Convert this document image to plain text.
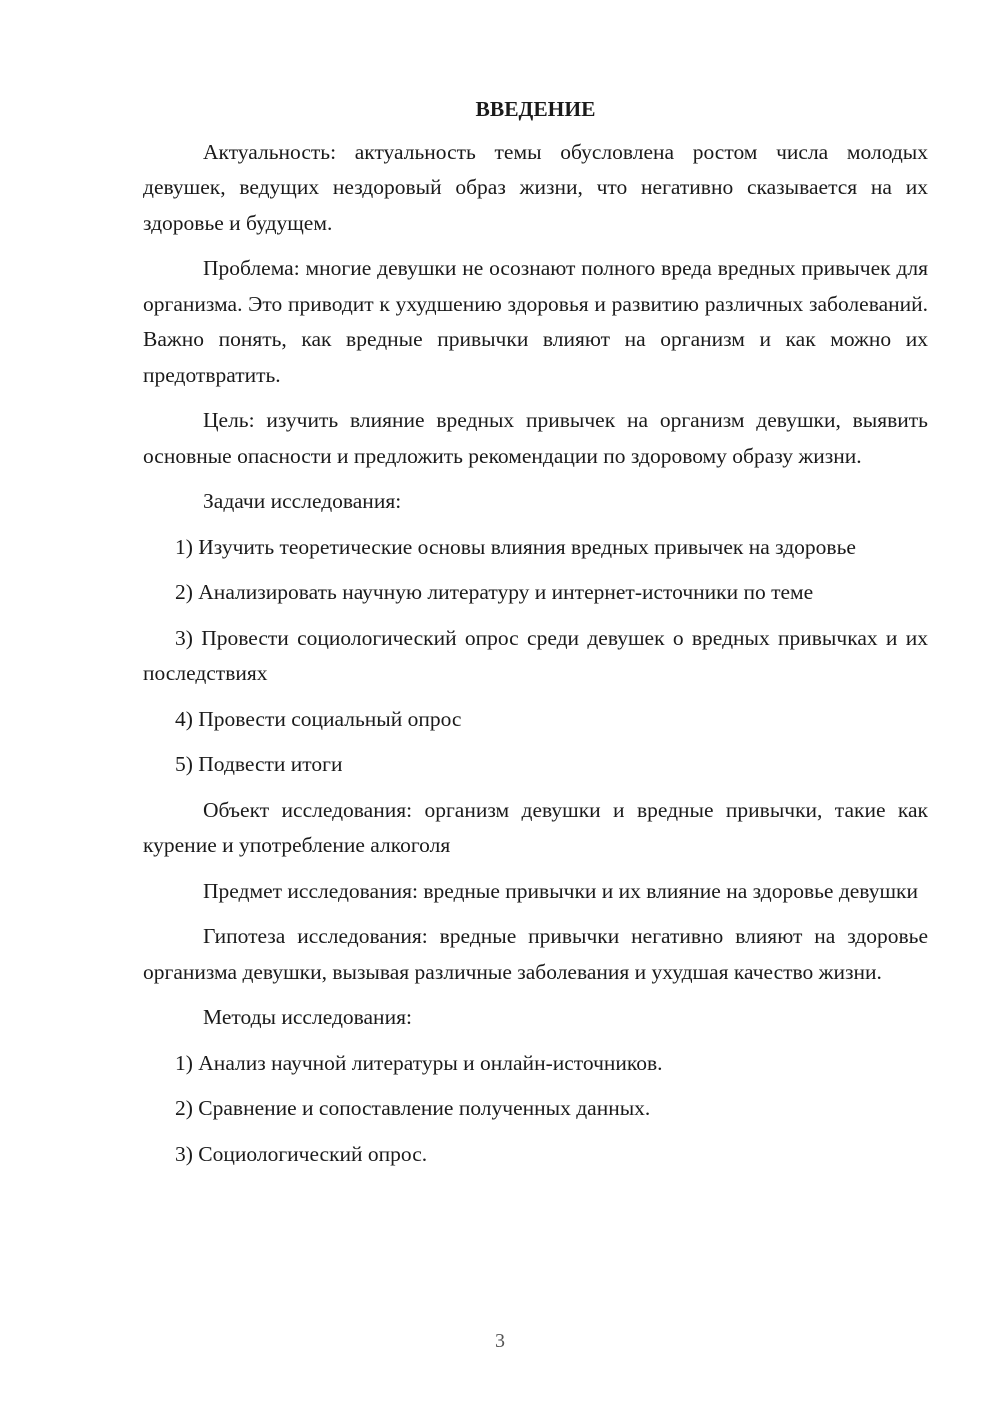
ВВЕДЕНИЕ

Актуальность: актуальность темы обусловлена ростом числа молодых девушек, ведущих нездоровый образ жизни, что негативно сказывается на их здоровье и будущем.

Проблема: многие девушки не осознают полного вреда вредных привычек для организма. Это приводит к ухудшению здоровья и развитию различных заболеваний. Важно понять, как вредные привычки влияют на организм и как можно их предотвратить.

Цель: изучить влияние вредных привычек на организм девушки, выявить основные опасности и предложить рекомендации по здоровому образу жизни.

Задачи исследования:

1) Изучить теоретические основы влияния вредных привычек на здоровье

2) Анализировать научную литературу и интернет-источники по теме

3) Провести социологический опрос среди девушек о вредных привычках и их последствиях

4) Провести социальный опрос

5) Подвести итоги

Объект исследования: организм девушки и вредные привычки, такие как курение и употребление алкоголя

Предмет исследования: вредные привычки и их влияние на здоровье девушки

Гипотеза исследования: вредные привычки негативно влияют на здоровье организма девушки, вызывая различные заболевания и ухудшая качество жизни.

Методы исследования:

1) Анализ научной литературы и онлайн-источников.

2) Сравнение и сопоставление полученных данных.

3) Социологический опрос.

3
